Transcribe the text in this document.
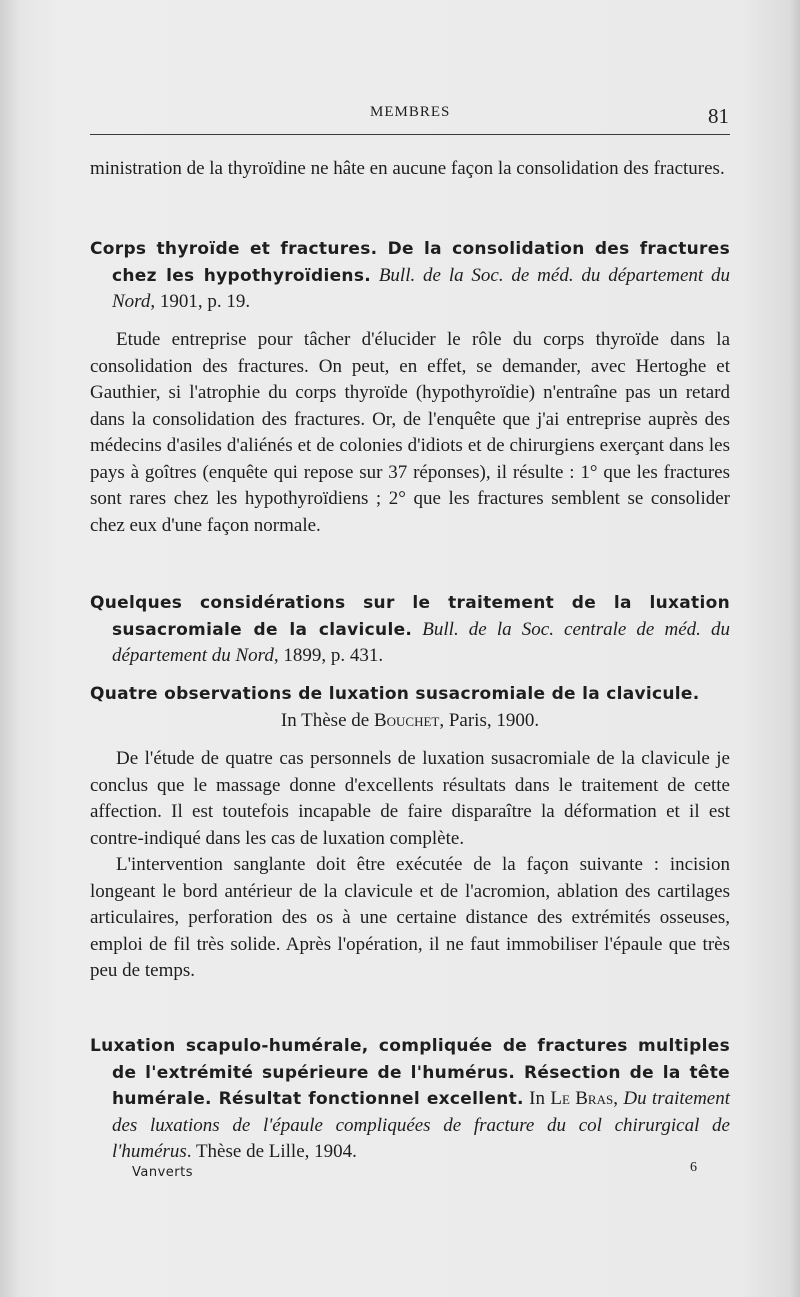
MEMBRES	81

ministration de la thyroïdine ne hâte en aucune façon la consolidation des fractures.

Corps thyroïde et fractures. De la consolidation des fractures chez les hypothyroïdiens. Bull. de la Soc. de méd. du département du Nord, 1901, p. 19.

Etude entreprise pour tâcher d'élucider le rôle du corps thyroïde dans la consolidation des fractures. On peut, en effet, se demander, avec Hertoghe et Gauthier, si l'atrophie du corps thyroïde (hypothyroïdie) n'entraîne pas un retard dans la consolidation des fractures. Or, de l'enquête que j'ai entreprise auprès des médecins d'asiles d'aliénés et de colonies d'idiots et de chirurgiens exerçant dans les pays à goîtres (enquête qui repose sur 37 réponses), il résulte : 1° que les fractures sont rares chez les hypothyroïdiens ; 2° que les fractures semblent se consolider chez eux d'une façon normale.

Quelques considérations sur le traitement de la luxation susacromiale de la clavicule. Bull. de la Soc. centrale de méd. du département du Nord, 1899, p. 431.

Quatre observations de luxation susacromiale de la clavicule.

In Thèse de Bouchet, Paris, 1900.

De l'étude de quatre cas personnels de luxation susacromiale de la clavicule je conclus que le massage donne d'excellents résultats dans le traitement de cette affection. Il est toutefois incapable de faire disparaître la déformation et il est contre-indiqué dans les cas de luxation complète.

L'intervention sanglante doit être exécutée de la façon suivante : incision longeant le bord antérieur de la clavicule et de l'acromion, ablation des cartilages articulaires, perforation des os à une certaine distance des extrémités osseuses, emploi de fil très solide. Après l'opération, il ne faut immobiliser l'épaule que très peu de temps.

Luxation scapulo-humérale, compliquée de fractures multiples de l'extrémité supérieure de l'humérus. Résection de la tête humérale. Résultat fonctionnel excellent. In Le Bras, Du traitement des luxations de l'épaule compliquées de fracture du col chirurgical de l'humérus. Thèse de Lille, 1904.

Vanverts	6
